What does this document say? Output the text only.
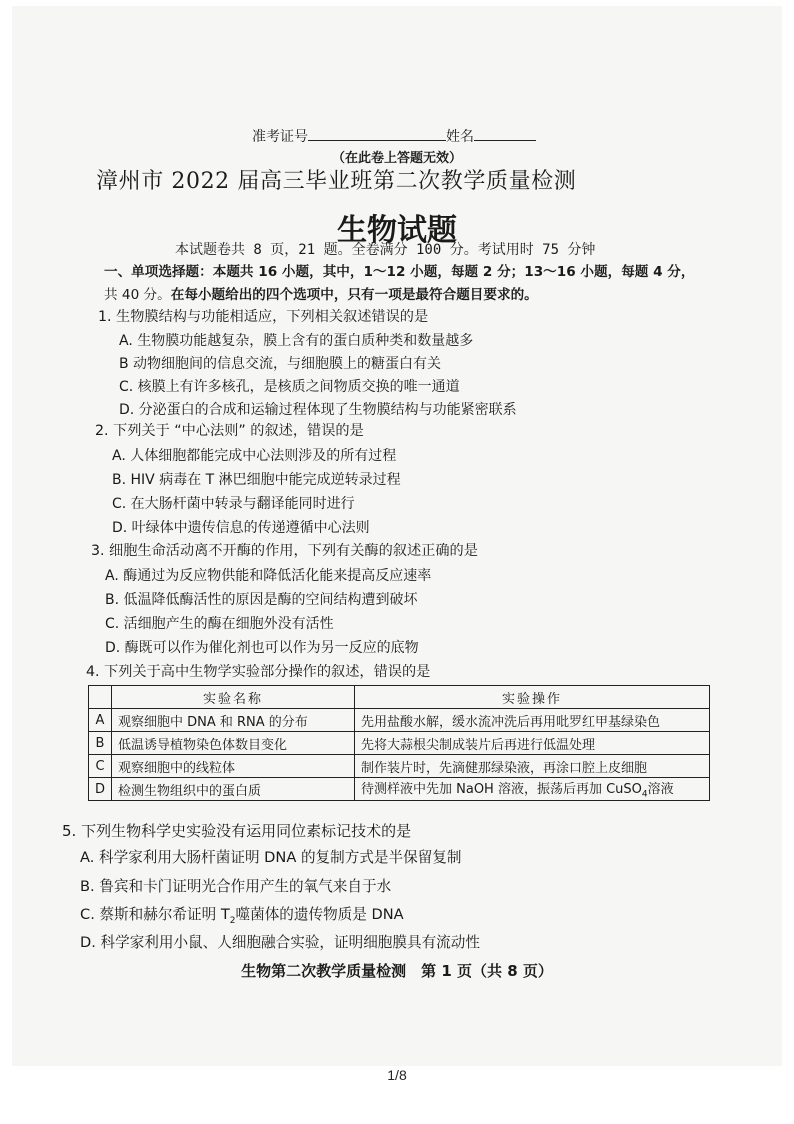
准考证号	姓名
（在此卷上答题无效）
漳州市 2022 届高三毕业班第二次教学质量检测
生物试题
本试题卷共 8 页，21 题。全卷满分 100 分。考试用时 75 分钟
一、单项选择题：本题共 16 小题，其中，1～12 小题，每题 2 分；13～16 小题，每题 4 分，
共 40 分。在每小题给出的四个选项中，只有一项是最符合题目要求的。
1. 生物膜结构与功能相适应，下列相关叙述错误的是
A. 生物膜功能越复杂，膜上含有的蛋白质种类和数量越多
B 动物细胞间的信息交流，与细胞膜上的糖蛋白有关
C. 核膜上有许多核孔，是核质之间物质交换的唯一通道
D. 分泌蛋白的合成和运输过程体现了生物膜结构与功能紧密联系
2. 下列关于 “中心法则” 的叙述，错误的是
A. 人体细胞都能完成中心法则涉及的所有过程
B. HIV 病毒在 T 淋巴细胞中能完成逆转录过程
C. 在大肠杆菌中转录与翻译能同时进行
D. 叶绿体中遗传信息的传递遵循中心法则
3. 细胞生命活动离不开酶的作用，下列有关酶的叙述正确的是
A. 酶通过为反应物供能和降低活化能来提高反应速率
B. 低温降低酶活性的原因是酶的空间结构遭到破坏
C. 活细胞产生的酶在细胞外没有活性
D. 酶既可以作为催化剂也可以作为另一反应的底物
4. 下列关于高中生物学实验部分操作的叙述，错误的是
	实验名称	实验操作
A	观察细胞中 DNA 和 RNA 的分布	先用盐酸水解，缓水流冲洗后再用吡罗红甲基绿染色
B	低温诱导植物染色体数目变化	先将大蒜根尖制成装片后再进行低温处理
C	观察细胞中的线粒体	制作装片时，先滴健那绿染液，再涂口腔上皮细胞
D	检测生物组织中的蛋白质	待测样液中先加 NaOH 溶液，振荡后再加 CuSO$_4$溶液
5. 下列生物科学史实验没有运用同位素标记技术的是
A. 科学家利用大肠杆菌证明 DNA 的复制方式是半保留复制
B. 鲁宾和卡门证明光合作用产生的氧气来自于水
C. 蔡斯和赫尔希证明 $T_2$噬菌体的遗传物质是 DNA
D. 科学家利用小鼠、人细胞融合实验，证明细胞膜具有流动性
生物第二次教学质量检测　第 1 页（共 8 页）
1/8
